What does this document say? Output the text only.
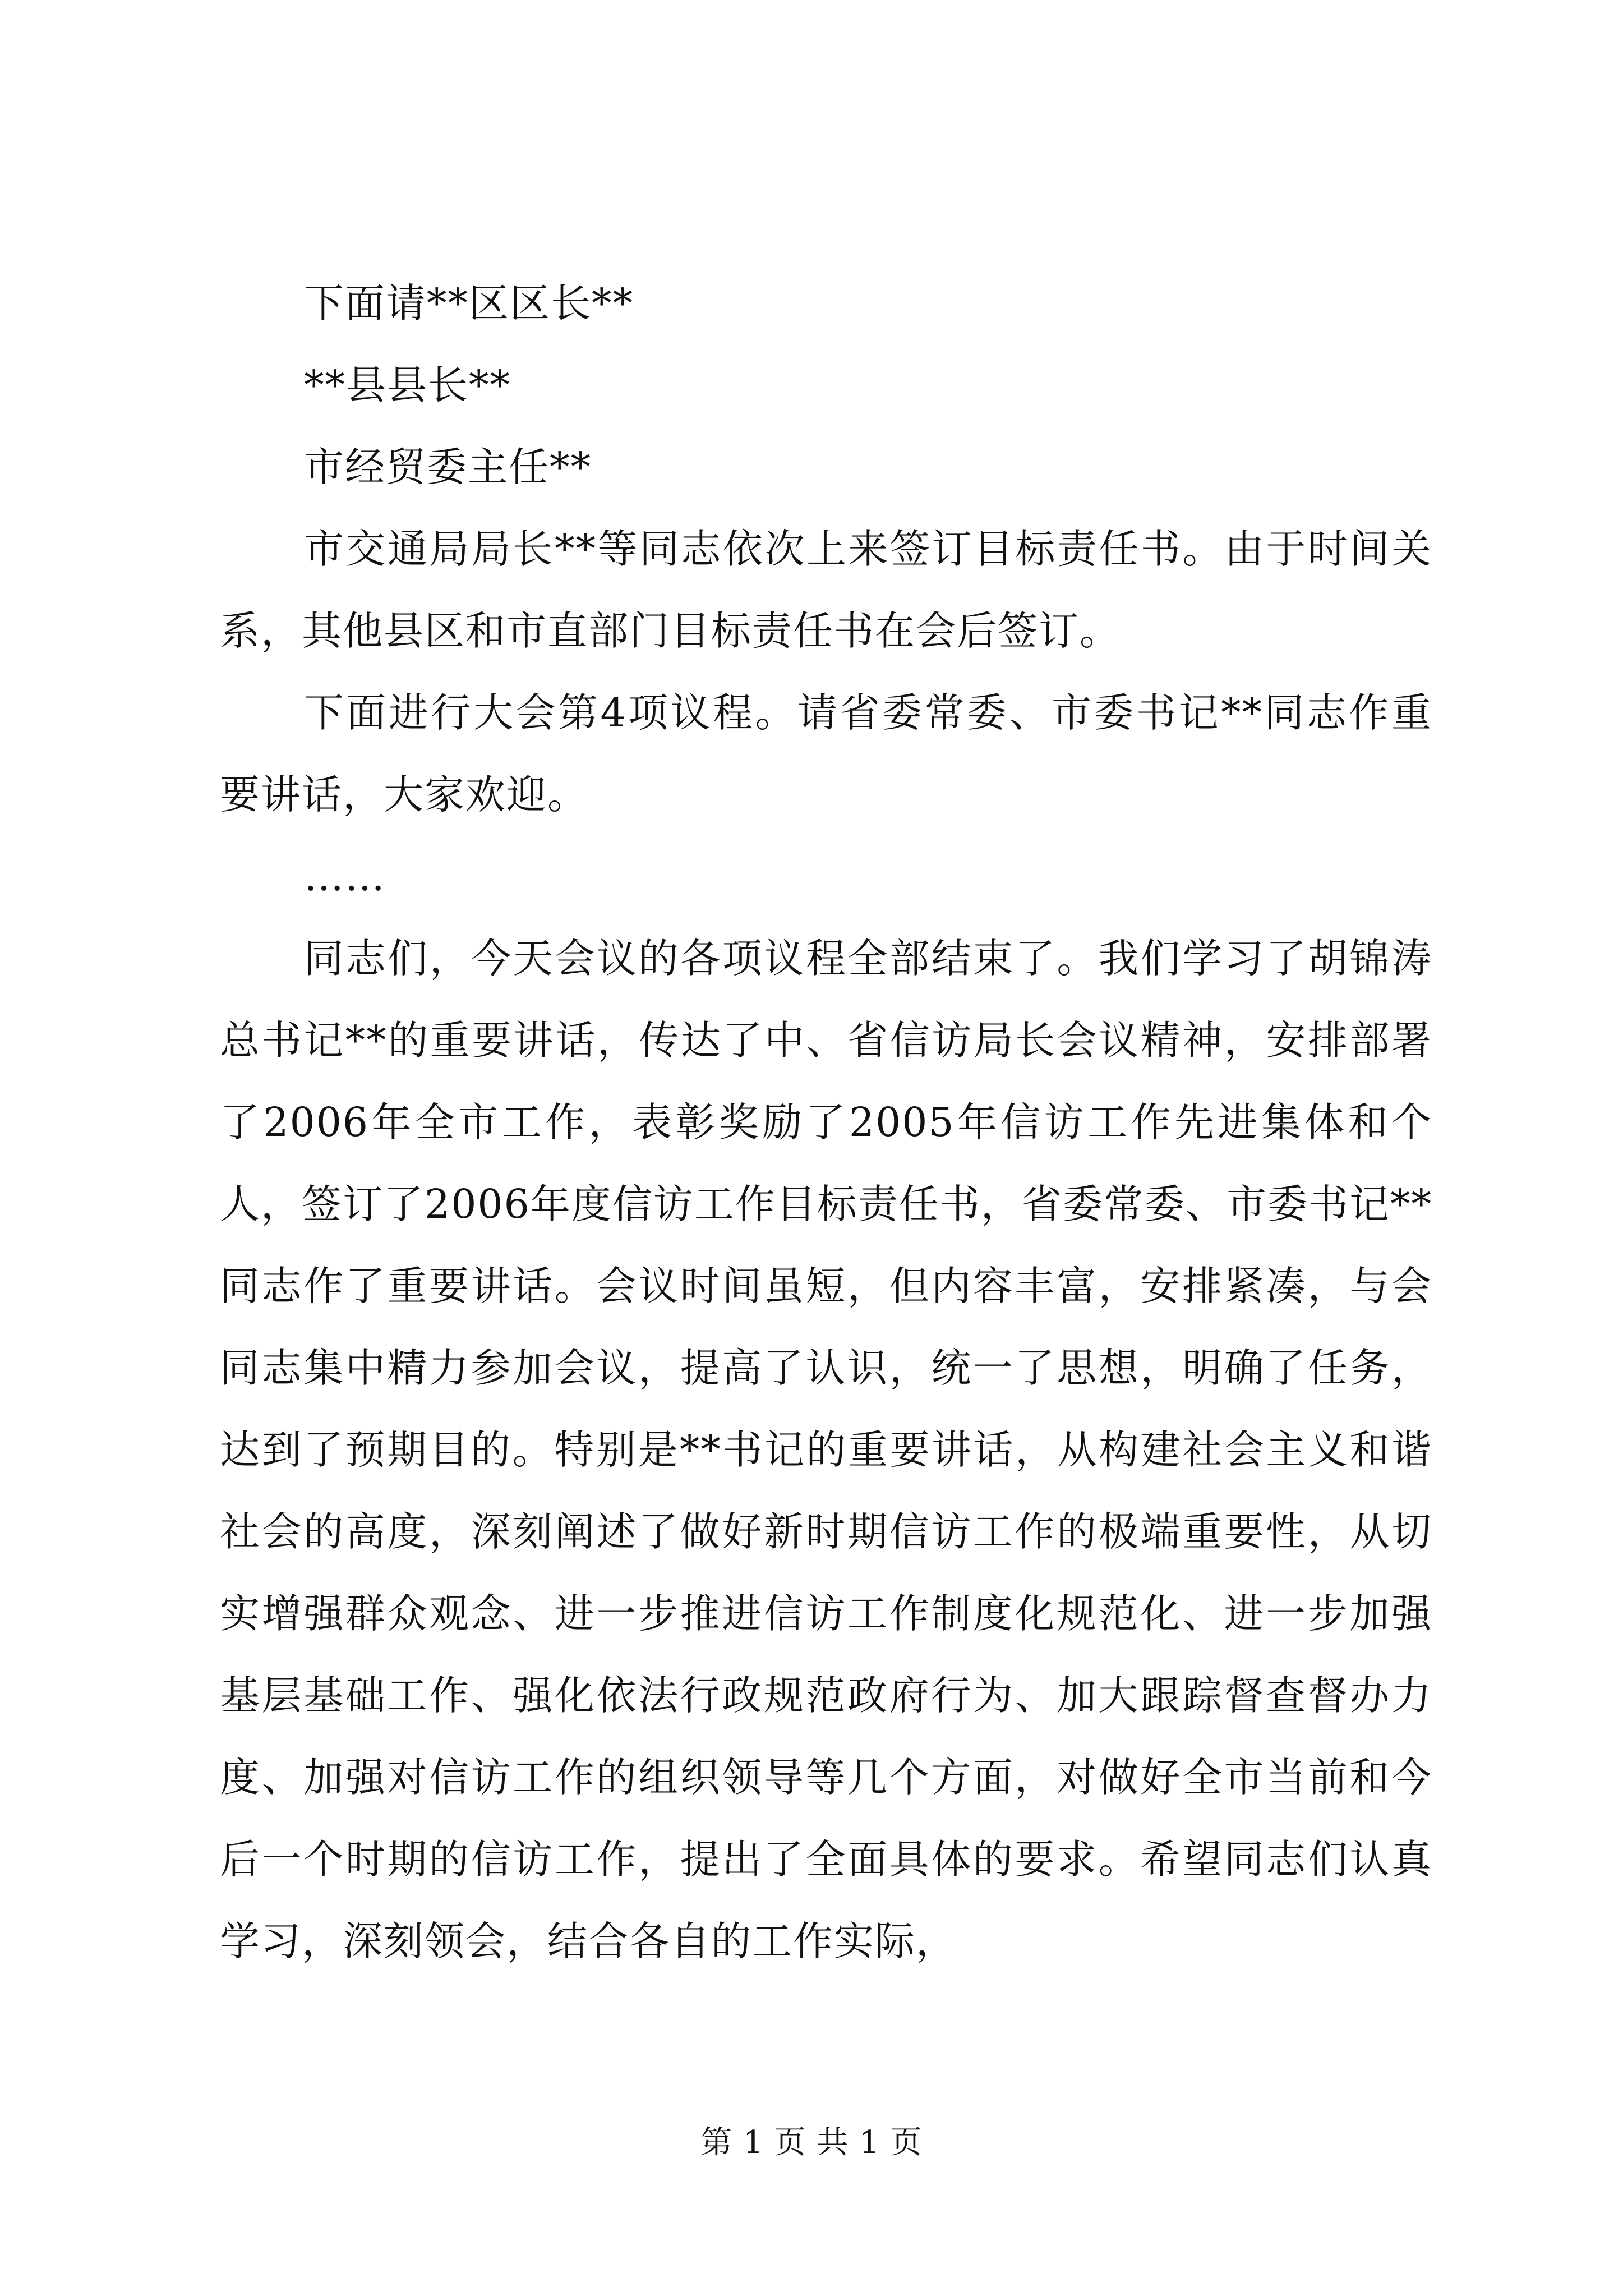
下面请**区区长**

**县县长**

市经贸委主任**

市交通局局长**等同志依次上来签订目标责任书。由于时间关系，其他县区和市直部门目标责任书在会后签订。

下面进行大会第4项议程。请省委常委、市委书记**同志作重要讲话，大家欢迎。

……

同志们，今天会议的各项议程全部结束了。我们学习了胡锦涛总书记**的重要讲话，传达了中、省信访局长会议精神，安排部署了2006年全市工作，表彰奖励了2005年信访工作先进集体和个人，签订了2006年度信访工作目标责任书，省委常委、市委书记**同志作了重要讲话。会议时间虽短，但内容丰富，安排紧凑，与会同志集中精力参加会议，提高了认识，统一了思想，明确了任务，达到了预期目的。特别是**书记的重要讲话，从构建社会主义和谐社会的高度，深刻阐述了做好新时期信访工作的极端重要性，从切实增强群众观念、进一步推进信访工作制度化规范化、进一步加强基层基础工作、强化依法行政规范政府行为、加大跟踪督查督办力度、加强对信访工作的组织领导等几个方面，对做好全市当前和今后一个时期的信访工作，提出了全面具体的要求。希望同志们认真学习，深刻领会，结合各自的工作实际，

第 1 页 共 1 页
